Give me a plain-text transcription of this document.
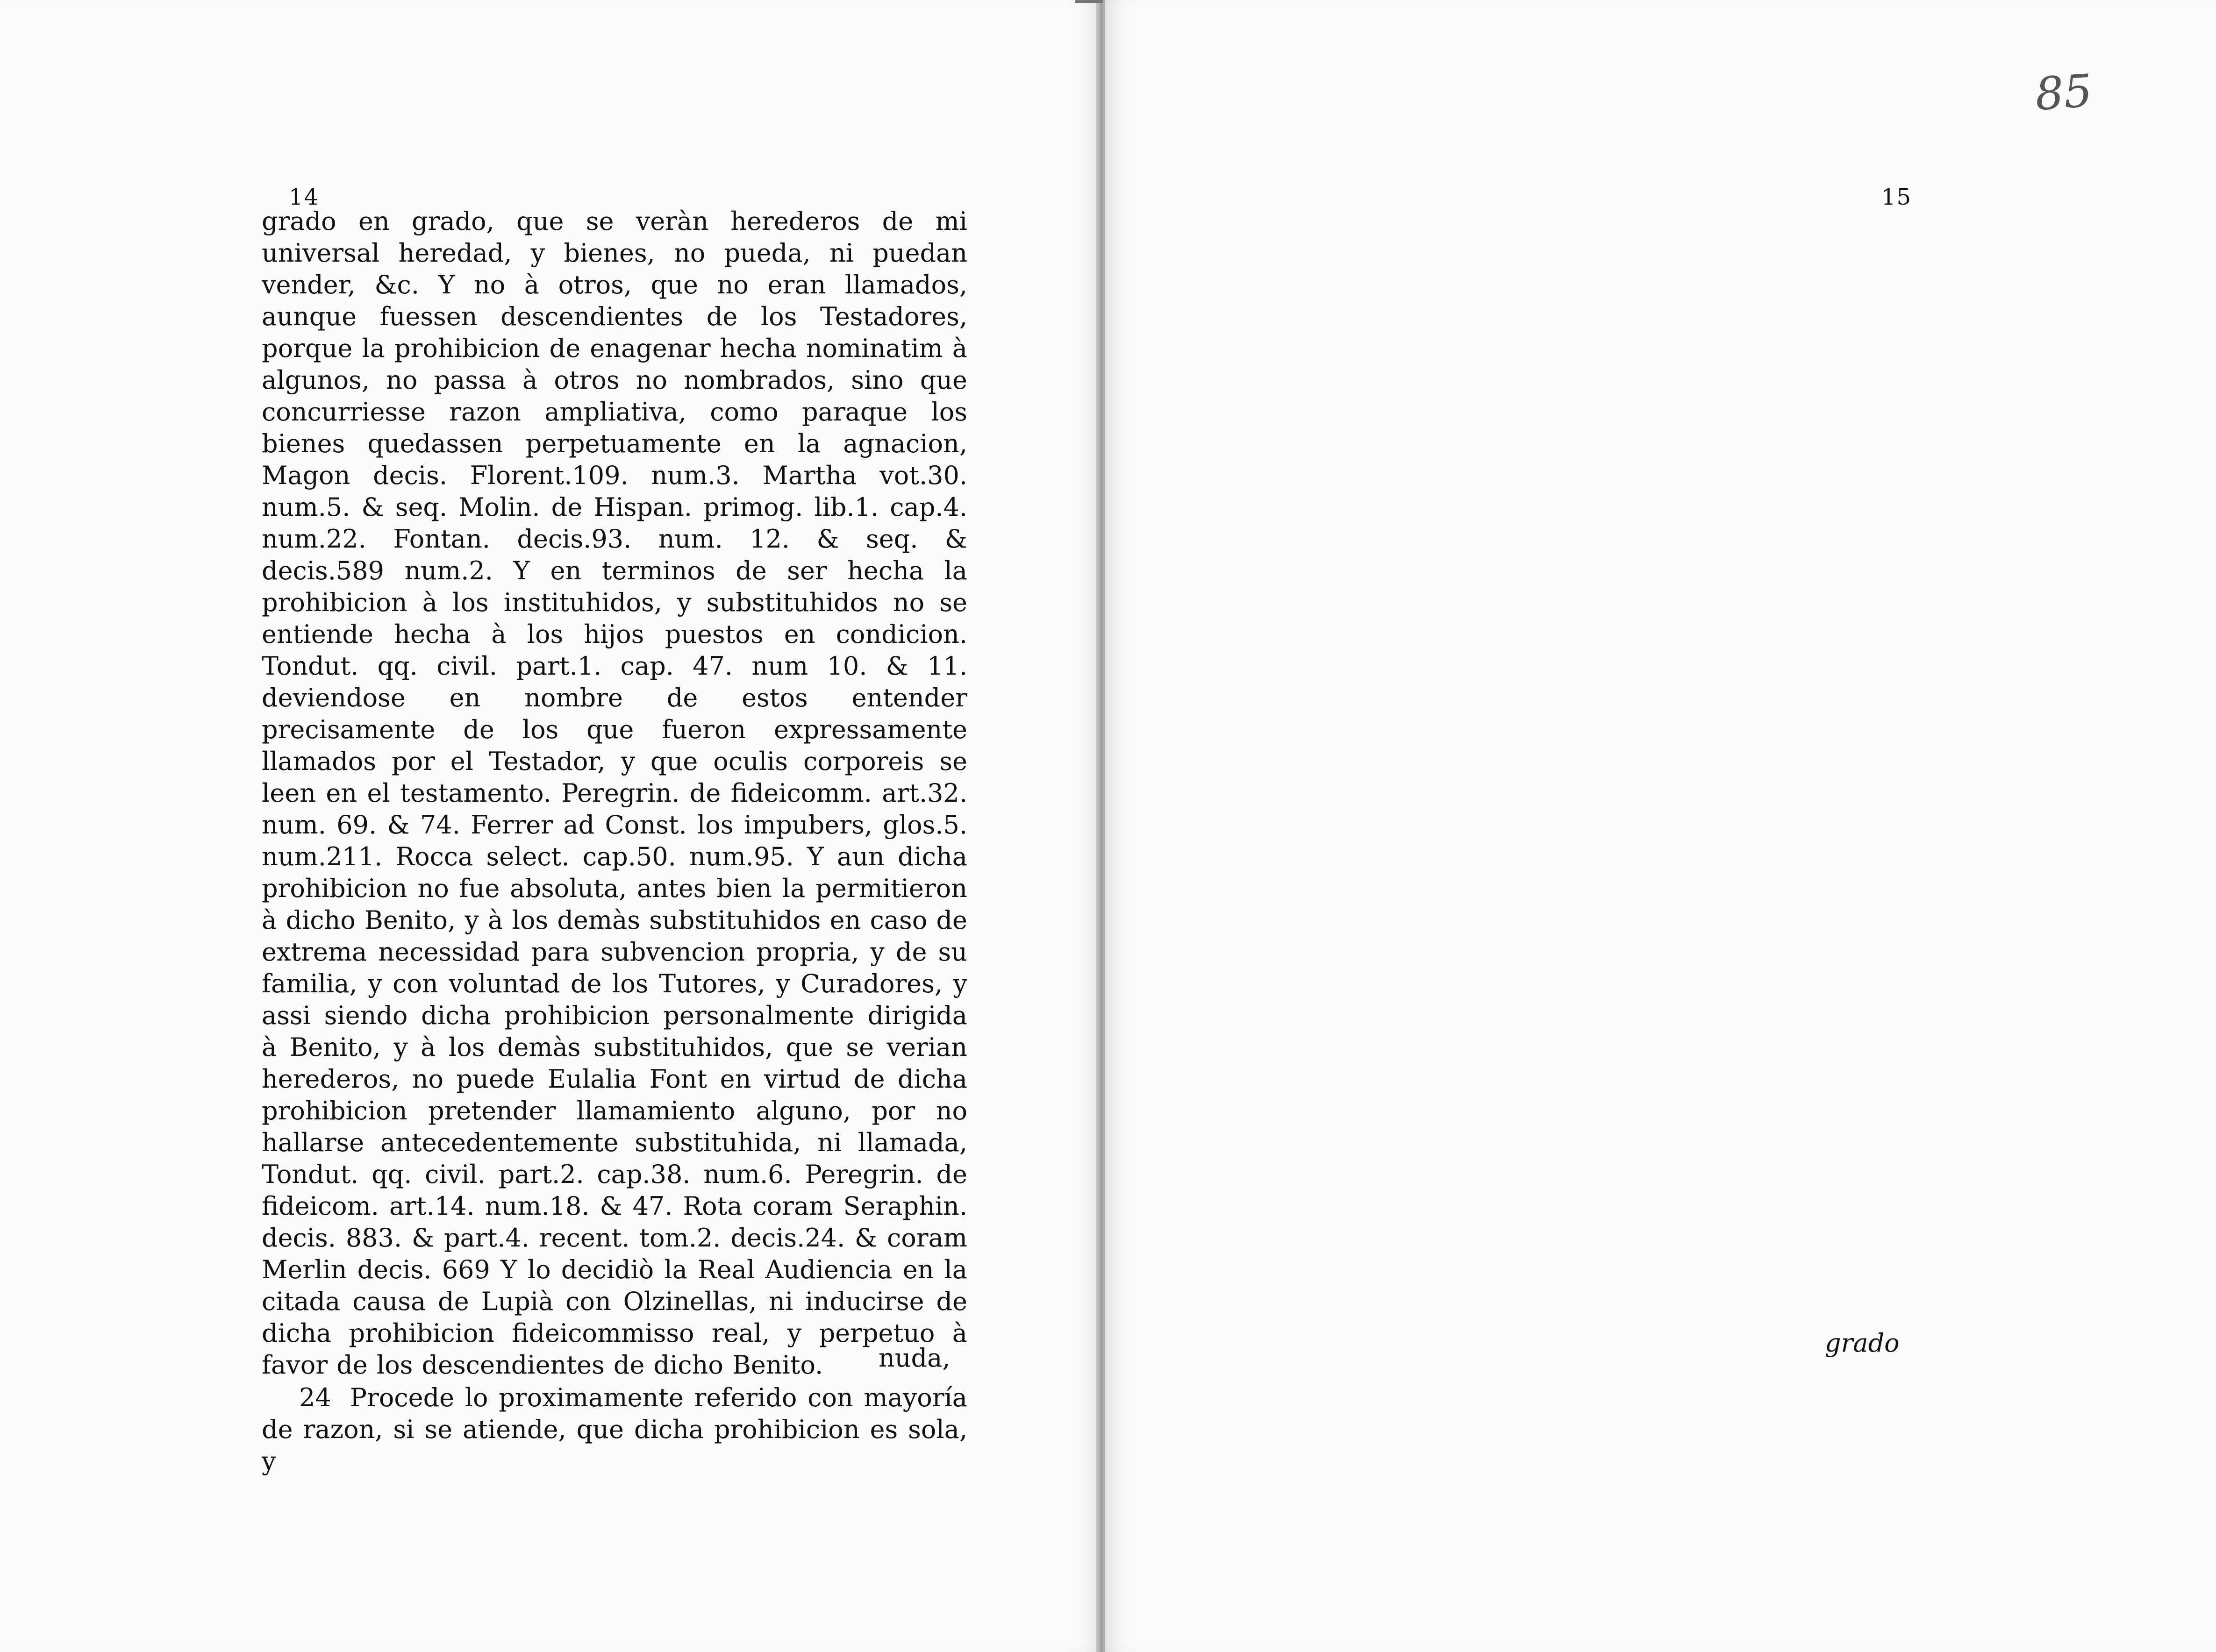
14

grado en grado, que se veràn herederos de mi universal heredad, y bienes, no pueda, ni puedan vender, &c. Y no à otros, que no eran llamados, aunque fuessen descendientes de los Testadores, porque la prohibicion de enagenar hecha nominatim à algunos, no passa à otros no nombrados, sino que concurriesse razon ampliativa, como paraque los bienes quedassen perpetuamente en la agnacion, Magon decis. Florent.109. num.3. Martha vot.30. num.5. & seq. Molin. de Hispan. primog. lib.1. cap.4. num.22. Fontan. decis.93. num. 12. & seq. & decis.589 num.2. Y en terminos de ser hecha la prohibicion à los instituhidos, y substituhidos no se entiende hecha à los hijos puestos en condicion. Tondut. qq. civil. part.1. cap. 47. num 10. & 11. deviendose en nombre de estos entender precisamente de los que fueron expressamente llamados por el Testador, y que oculis corporeis se leen en el testamento. Peregrin. de fideicomm. art.32. num. 69. & 74. Ferrer ad Const. los impubers, glos.5. num.211. Rocca select. cap.50. num.95. Y aun dicha prohibicion no fue absoluta, antes bien la permitieron à dicho Benito, y à los demàs substituhidos en caso de extrema necessidad para subvencion propria, y de su familia, y con voluntad de los Tutores, y Curadores, y assi siendo dicha prohibicion personalmente dirigida à Benito, y à los demàs substituhidos, que se verian herederos, no puede Eulalia Font en virtud de dicha prohibicion pretender llamamiento alguno, por no hallarse antecedentemente substituhida, ni llamada, Tondut. qq. civil. part.2. cap.38. num.6. Peregrin. de fideicom. art.14. num.18. & 47. Rota coram Seraphin. decis. 883. & part.4. recent. tom.2. decis.24. & coram Merlin decis. 669 Y lo decidiò la Real Audiencia en la citada causa de Lupià con Olzinellas, ni inducirse de dicha prohibicion fideicommisso real, y perpetuo à favor de los descendientes de dicho Benito.

24 Procede lo proximamente referido con mayoría de razon, si se atiende, que dicha prohibicion es sola, y

nuda,

15
85
grado
